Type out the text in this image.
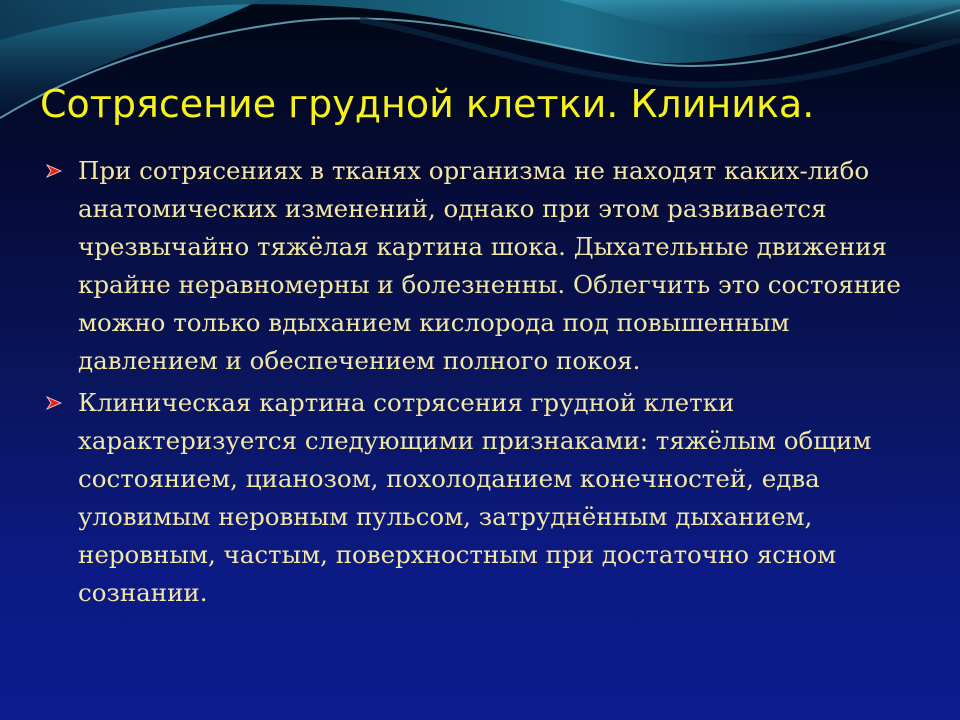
Сотрясение грудной клетки. Клиника.
При сотрясениях в тканях организма не находят каких-либо анатомических изменений, однако при этом развивается чрезвычайно тяжёлая картина шока. Дыхательные движения крайне неравномерны и болезненны. Облегчить это состояние можно только вдыханием кислорода под повышенным давлением и обеспечением полного покоя.
Клиническая картина сотрясения грудной клетки характеризуется следующими признаками: тяжёлым общим состоянием, цианозом, похолоданием конечностей, едва уловимым неровным пульсом, затруднённым дыханием, неровным, частым, поверхностным при достаточно ясном сознании.
